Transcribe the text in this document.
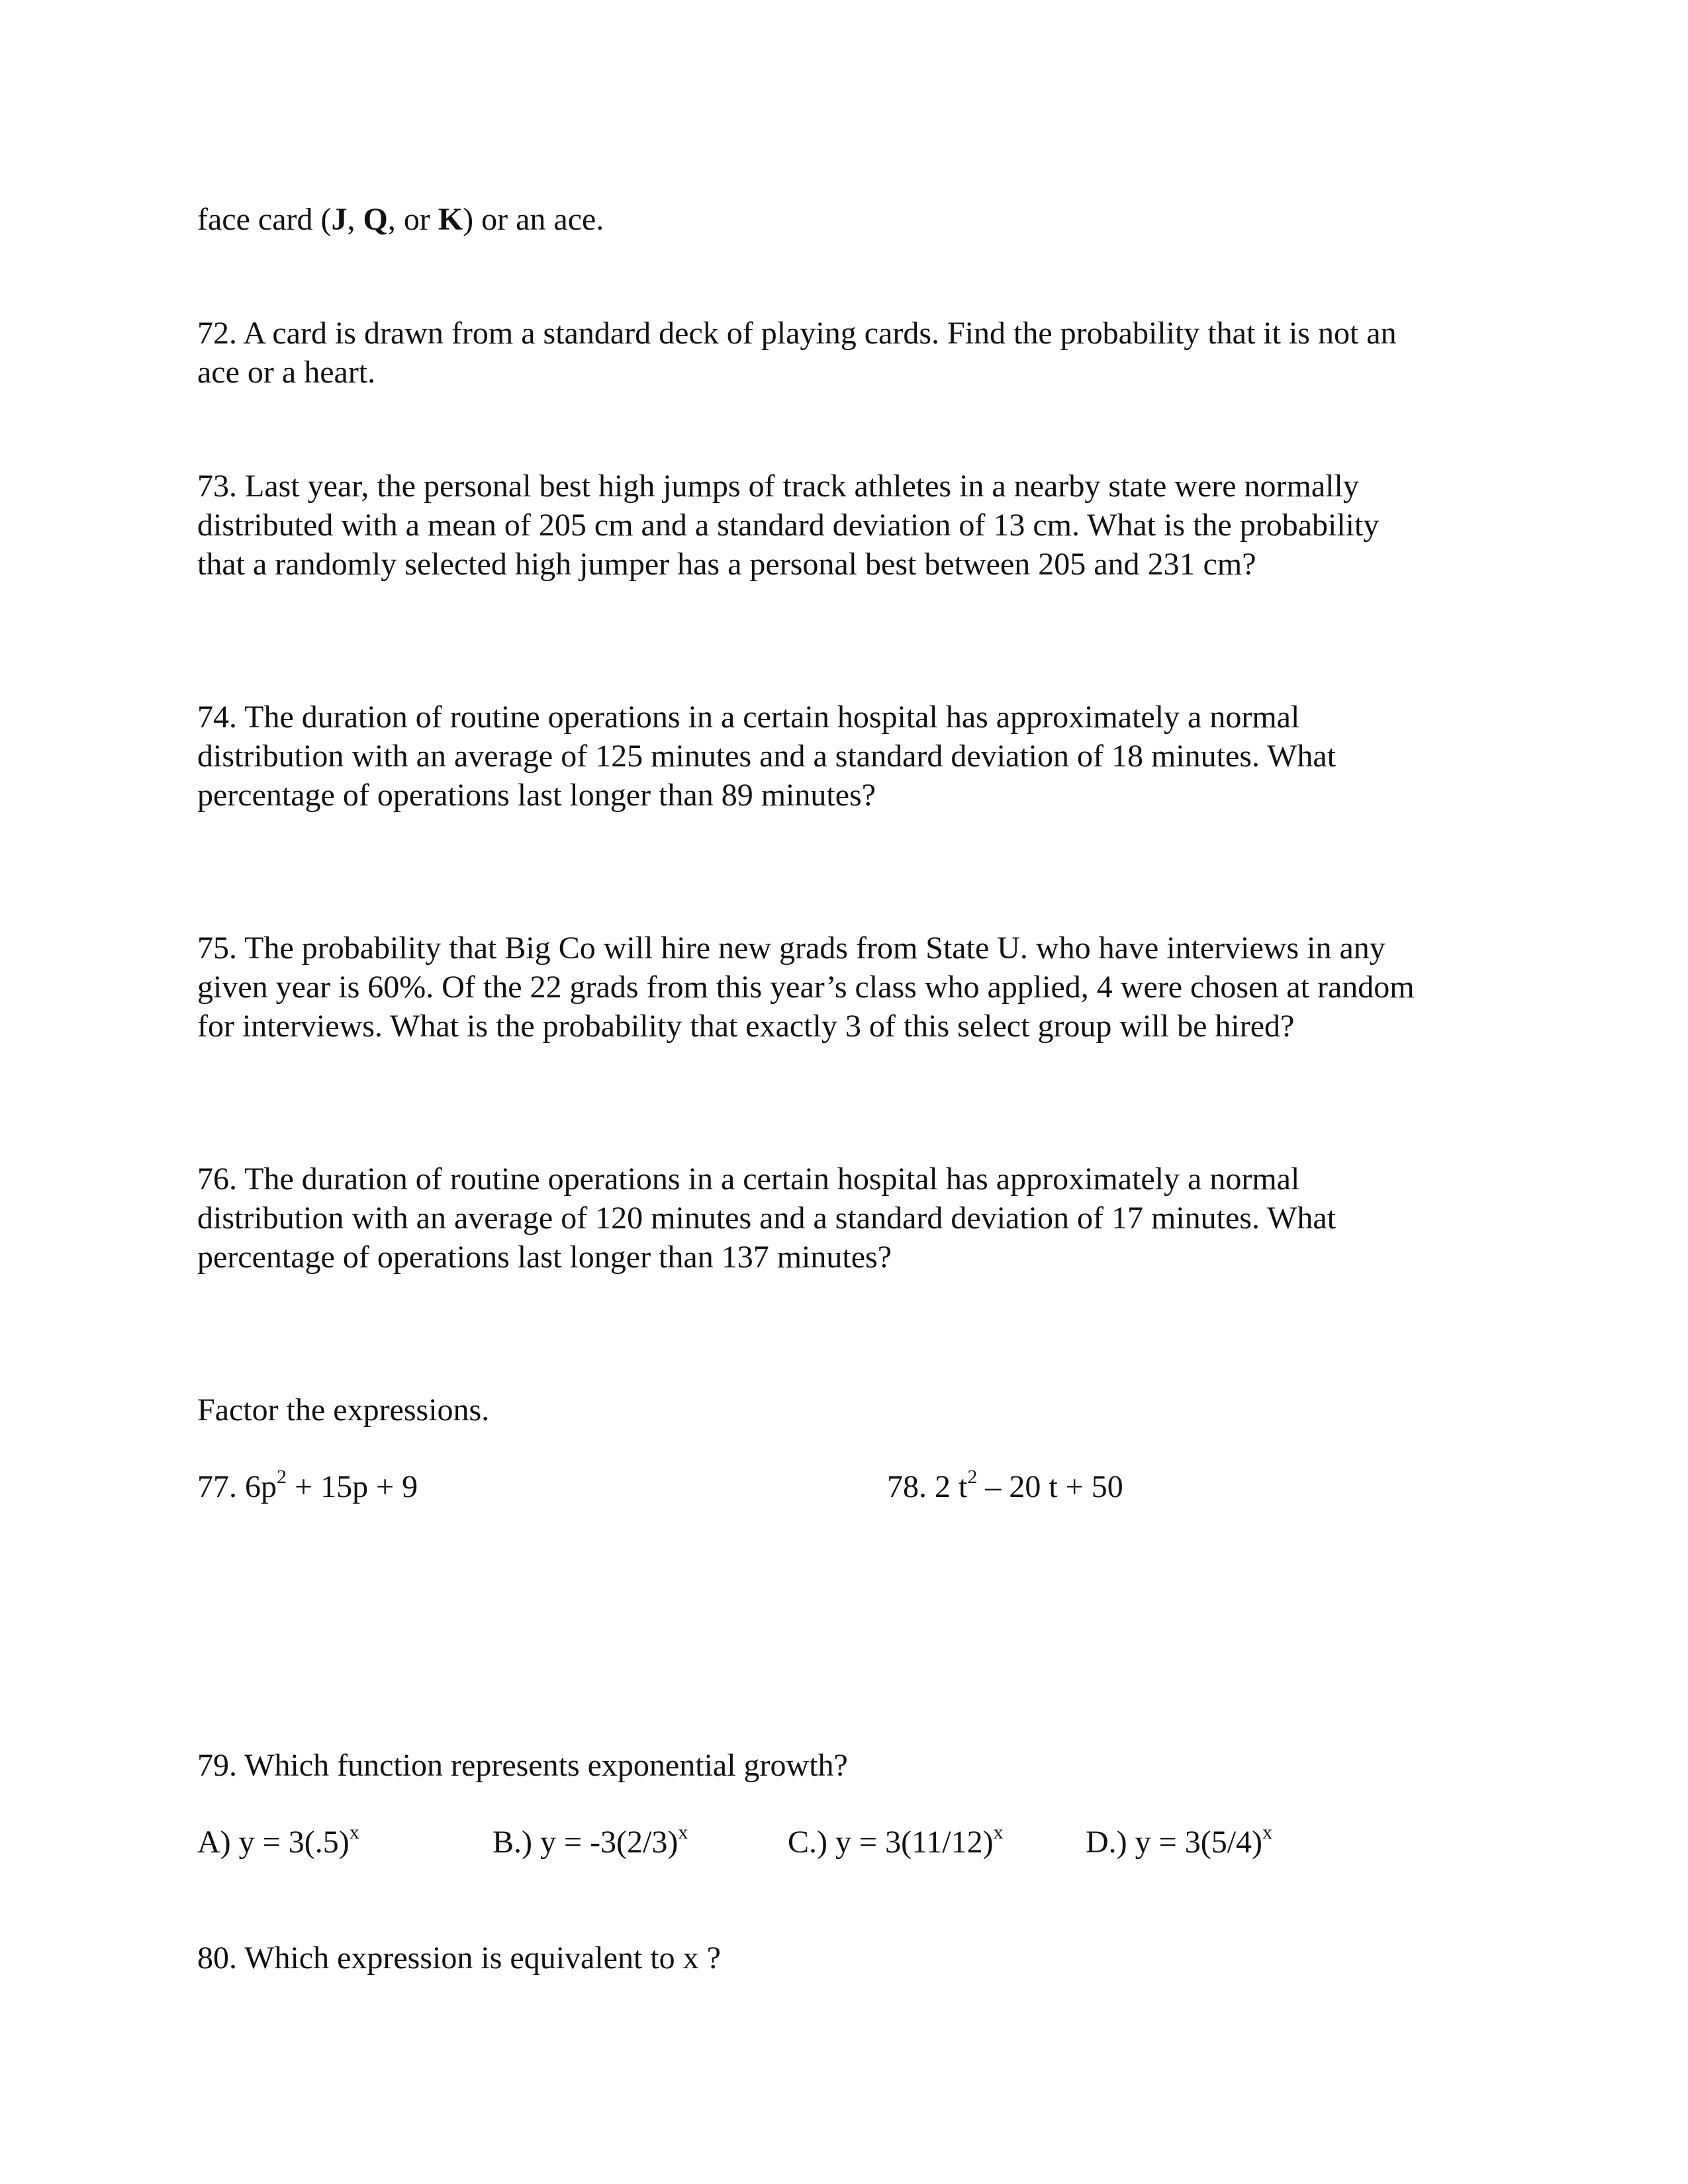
face card (J, Q, or K) or an ace.

72. A card is drawn from a standard deck of playing cards. Find the probability that it is not an

ace or a heart.

73. Last year, the personal best high jumps of track athletes in a nearby state were normally

distributed with a mean of 205 cm and a standard deviation of 13 cm. What is the probability

that a randomly selected high jumper has a personal best between 205 and 231 cm?

74. The duration of routine operations in a certain hospital has approximately a normal

distribution with an average of 125 minutes and a standard deviation of 18 minutes. What

percentage of operations last longer than 89 minutes?

75. The probability that Big Co will hire new grads from State U. who have interviews in any

given year is 60%. Of the 22 grads from this year’s class who applied, 4 were chosen at random

for interviews. What is the probability that exactly 3 of this select group will be hired?

76. The duration of routine operations in a certain hospital has approximately a normal

distribution with an average of 120 minutes and a standard deviation of 17 minutes. What

percentage of operations last longer than 137 minutes?

Factor the expressions.

77. $6p^2 + 15p + 9$	78. 2 $t^2 - 20$ t + 50

79. Which function represents exponential growth?

A) $y = 3(.5)^x$	B.) $y = -3(2/3)^x$	C.) $y = 3(11/12)^x$	D.) $y = 3(5/4)^x$

80. Which expression is equivalent to x ?
